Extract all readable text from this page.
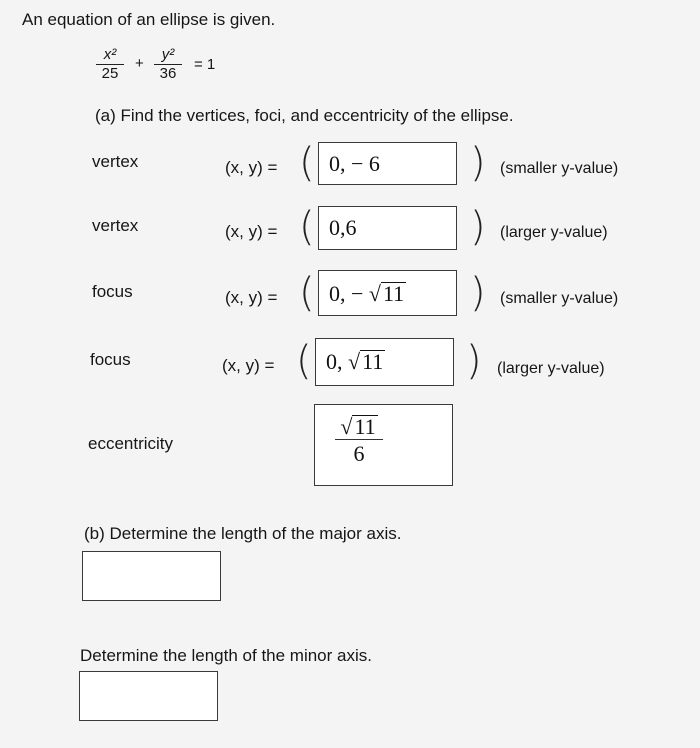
An equation of an ellipse is given.
$\frac{\text{x²}}{25} + \frac{\text{y²}}{36} = 1$
(a) Find the vertices, foci, and eccentricity of the ellipse.
vertex	(x, y) = ( 0, − 6 ) (smaller y-value)
vertex	(x, y) = ( 0,6	) (larger y-value)
focus	(x, y) = ( 0, − √11 ) (smaller y-value)
focus	(x, y) = ( 0, √11 ) (larger y-value)
eccentricity	$\frac{√11}{6}$
(b) Determine the length of the major axis.
Determine the length of the minor axis.
